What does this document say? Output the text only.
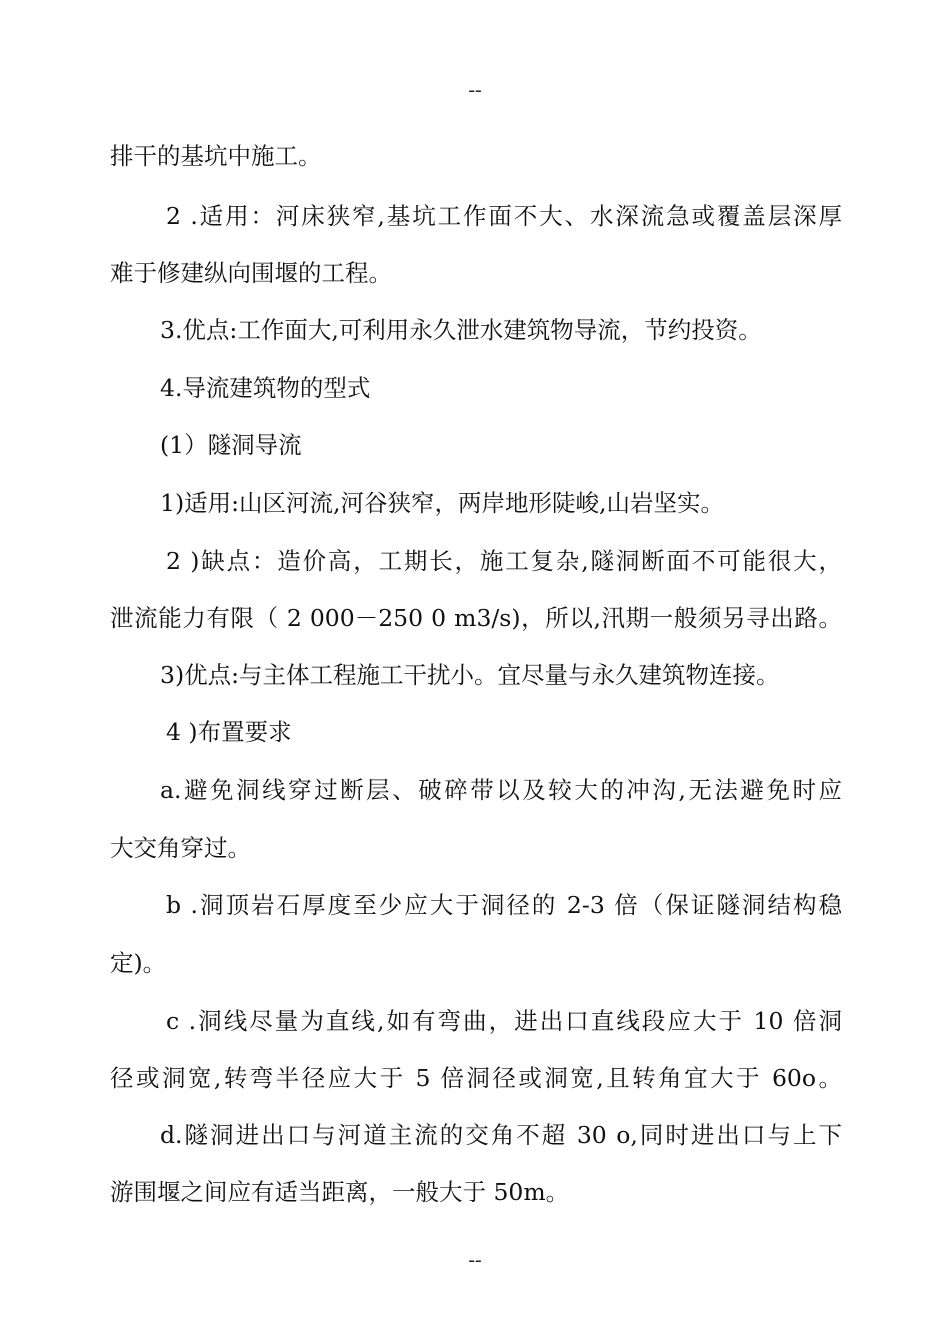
--
排干的基坑中施工。
2 .适用：河床狭窄,基坑工作面不大、水深流急或覆盖层深厚
难于修建纵向围堰的工程。
3.优点:工作面大,可利用永久泄水建筑物导流，节约投资。
4.导流建筑物的型式
(1）隧洞导流
1)适用:山区河流,河谷狭窄，两岸地形陡峻,山岩坚实。
2 )缺点：造价高，工期长，施工复杂,隧洞断面不可能很大，
泄流能力有限（ 2 000－250 0 m3/s)，所以,汛期一般须另寻出路。
3)优点:与主体工程施工干扰小。宜尽量与永久建筑物连接。
4 )布置要求
a.避免洞线穿过断层、破碎带以及较大的冲沟,无法避免时应
大交角穿过。
b .洞顶岩石厚度至少应大于洞径的 2-3 倍（保证隧洞结构稳
定)。
c .洞线尽量为直线,如有弯曲，进出口直线段应大于 10 倍洞
径或洞宽,转弯半径应大于 5 倍洞径或洞宽,且转角宜大于 60o。
d.隧洞进出口与河道主流的交角不超 30 o,同时进出口与上下
游围堰之间应有适当距离，一般大于 50m。
--
